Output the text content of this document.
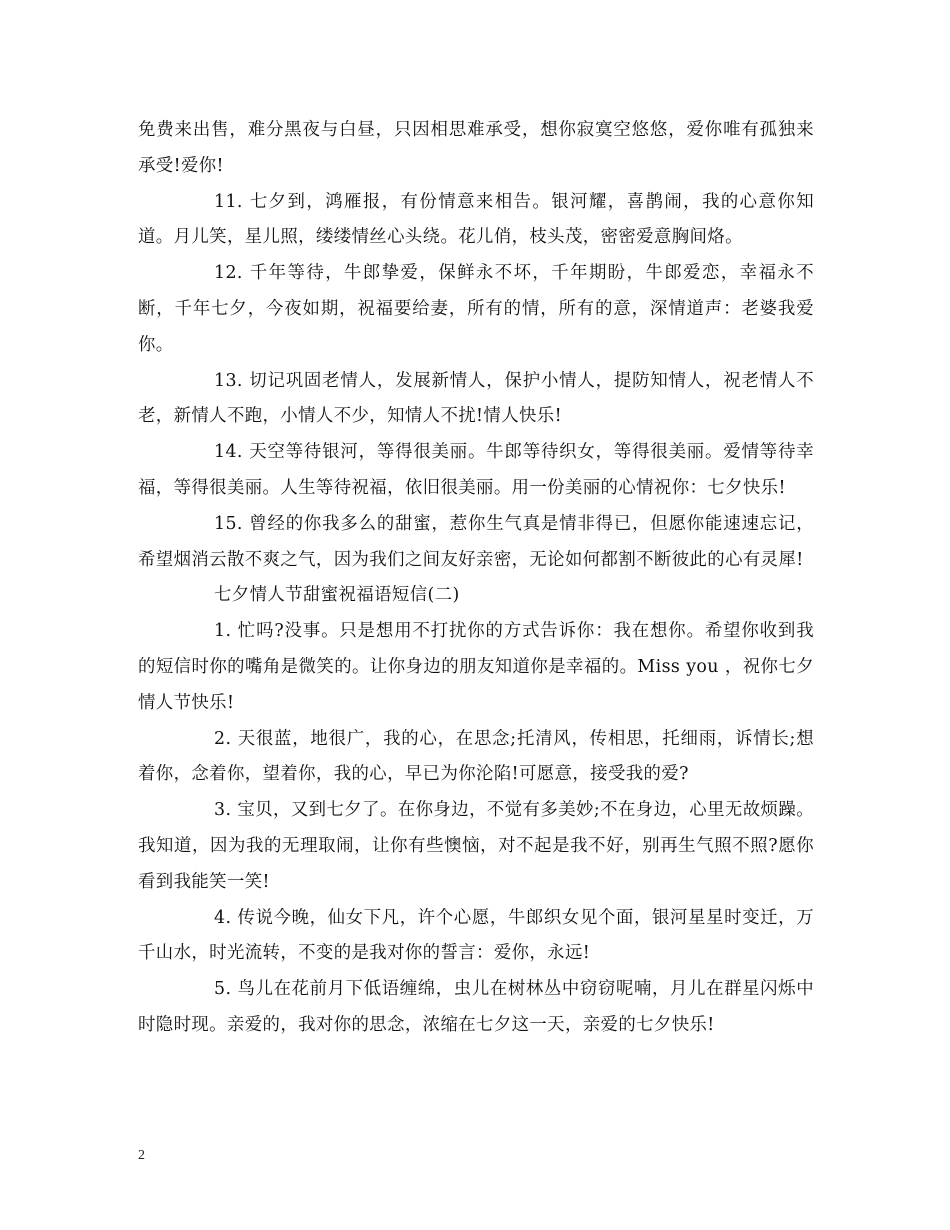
免费来出售，难分黑夜与白昼，只因相思难承受，想你寂寞空悠悠，爱你唯有孤独来承受!爱你!

11. 七夕到，鸿雁报，有份情意来相告。银河耀，喜鹊闹，我的心意你知道。月儿笑，星儿照，缕缕情丝心头绕。花儿俏，枝头茂，密密爱意胸间烙。

12. 千年等待，牛郎挚爱，保鲜永不坏，千年期盼，牛郎爱恋，幸福永不断，千年七夕，今夜如期，祝福要给妻，所有的情，所有的意，深情道声：老婆我爱你。

13. 切记巩固老情人，发展新情人，保护小情人，提防知情人，祝老情人不老，新情人不跑，小情人不少，知情人不扰!情人快乐!

14. 天空等待银河，等得很美丽。牛郎等待织女，等得很美丽。爱情等待幸福，等得很美丽。人生等待祝福，依旧很美丽。用一份美丽的心情祝你：七夕快乐!

15. 曾经的你我多么的甜蜜，惹你生气真是情非得已，但愿你能速速忘记，希望烟消云散不爽之气，因为我们之间友好亲密，无论如何都割不断彼此的心有灵犀!

七夕情人节甜蜜祝福语短信(二)

1. 忙吗?没事。只是想用不打扰你的方式告诉你：我在想你。希望你收到我的短信时你的嘴角是微笑的。让你身边的朋友知道你是幸福的。Miss you ，祝你七夕情人节快乐!

2. 天很蓝，地很广，我的心，在思念;托清风，传相思，托细雨，诉情长;想着你，念着你，望着你，我的心，早已为你沦陷!可愿意，接受我的爱?

3. 宝贝，又到七夕了。在你身边，不觉有多美妙;不在身边，心里无故烦躁。我知道，因为我的无理取闹，让你有些懊恼，对不起是我不好，别再生气照不照?愿你看到我能笑一笑!

4. 传说今晚，仙女下凡，许个心愿，牛郎织女见个面，银河星星时变迁，万千山水，时光流转，不变的是我对你的誓言：爱你，永远!

5. 鸟儿在花前月下低语缠绵，虫儿在树林丛中窃窃呢喃，月儿在群星闪烁中时隐时现。亲爱的，我对你的思念，浓缩在七夕这一天，亲爱的七夕快乐!

2
